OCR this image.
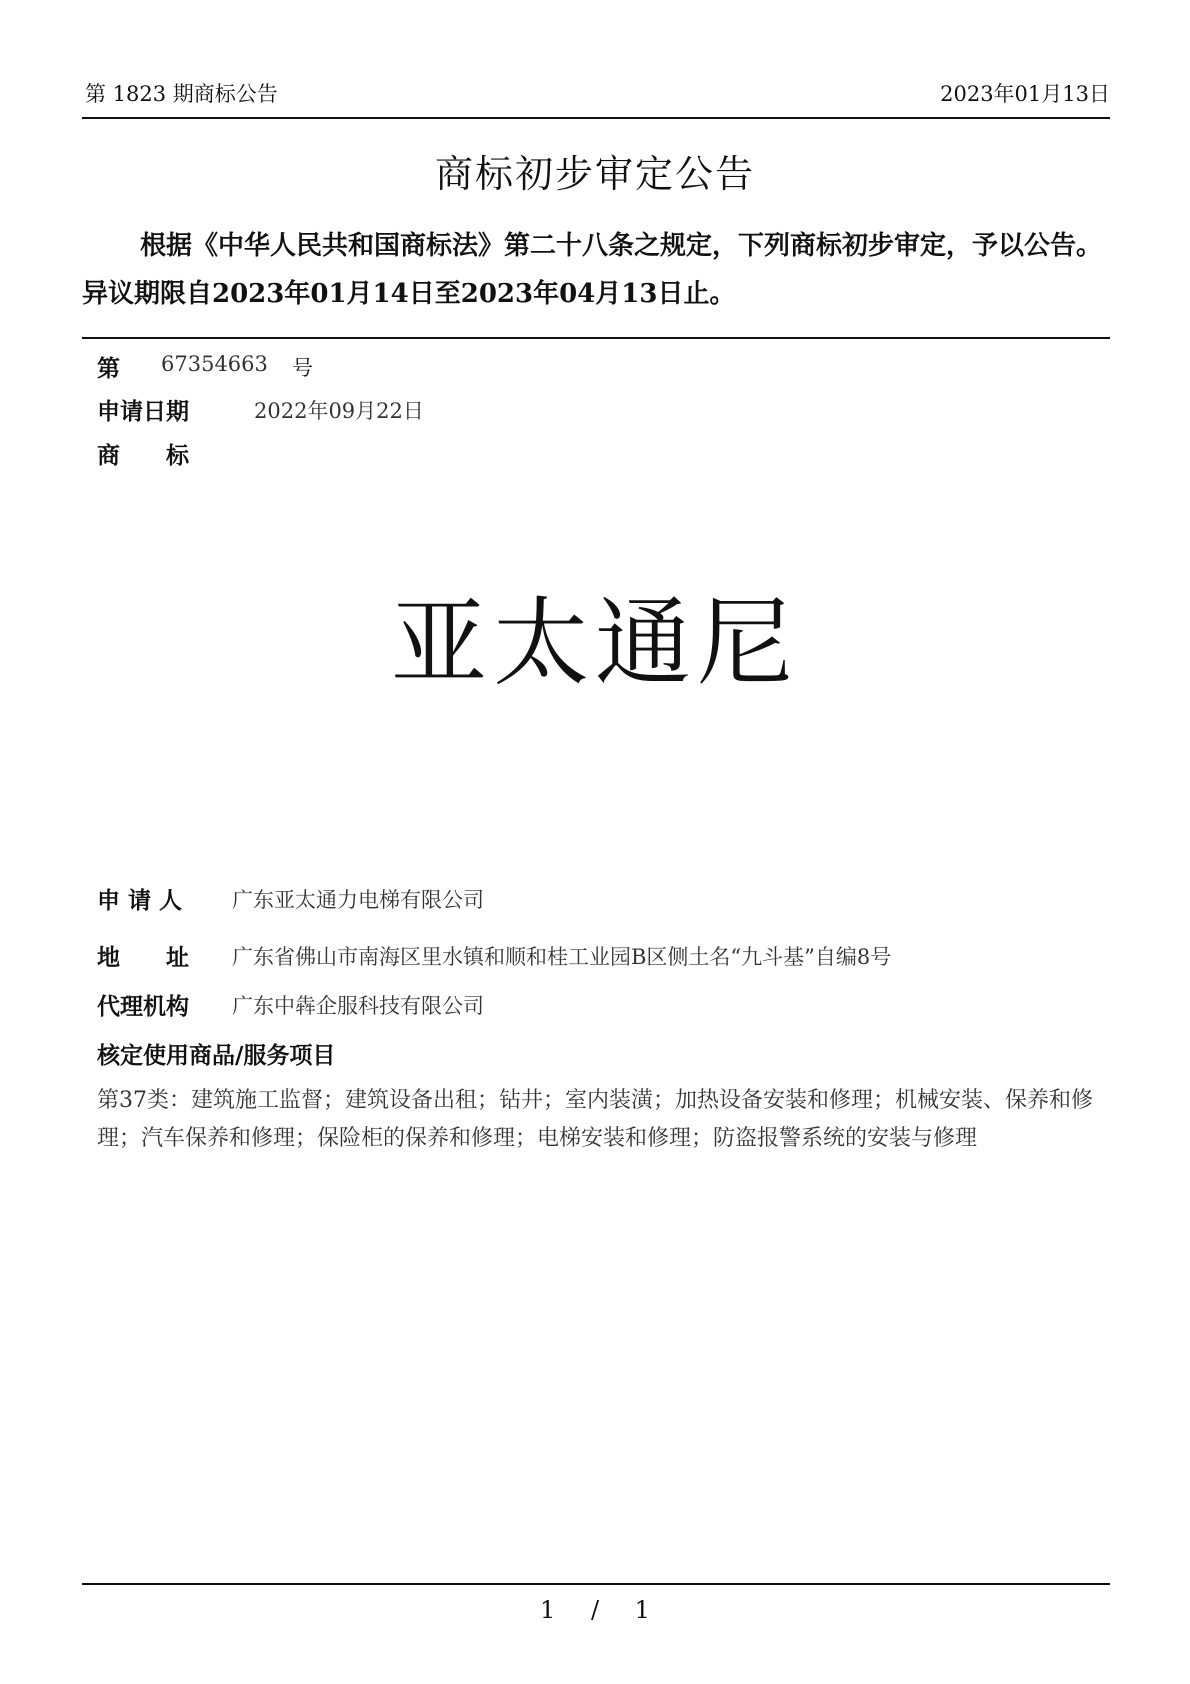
第 1823 期商标公告	2023年01月13日
商标初步审定公告
根据《中华人民共和国商标法》第二十八条之规定，下列商标初步审定，予以公告。异议期限自2023年01月14日至2023年04月13日止。
第 67354663 号
申请日期	2022年09月22日
商　　标
亚太通尼
申 请 人 广东亚太通力电梯有限公司
地　　址 广东省佛山市南海区里水镇和顺和桂工业园B区侧土名“九斗基”自编8号
代理机构 广东中犇企服科技有限公司
核定使用商品/服务项目
第37类：建筑施工监督；建筑设备出租；钻井；室内装潢；加热设备安装和修理；机械安装、保养和修理；汽车保养和修理；保险柜的保养和修理；电梯安装和修理；防盗报警系统的安装与修理
1 / 1
